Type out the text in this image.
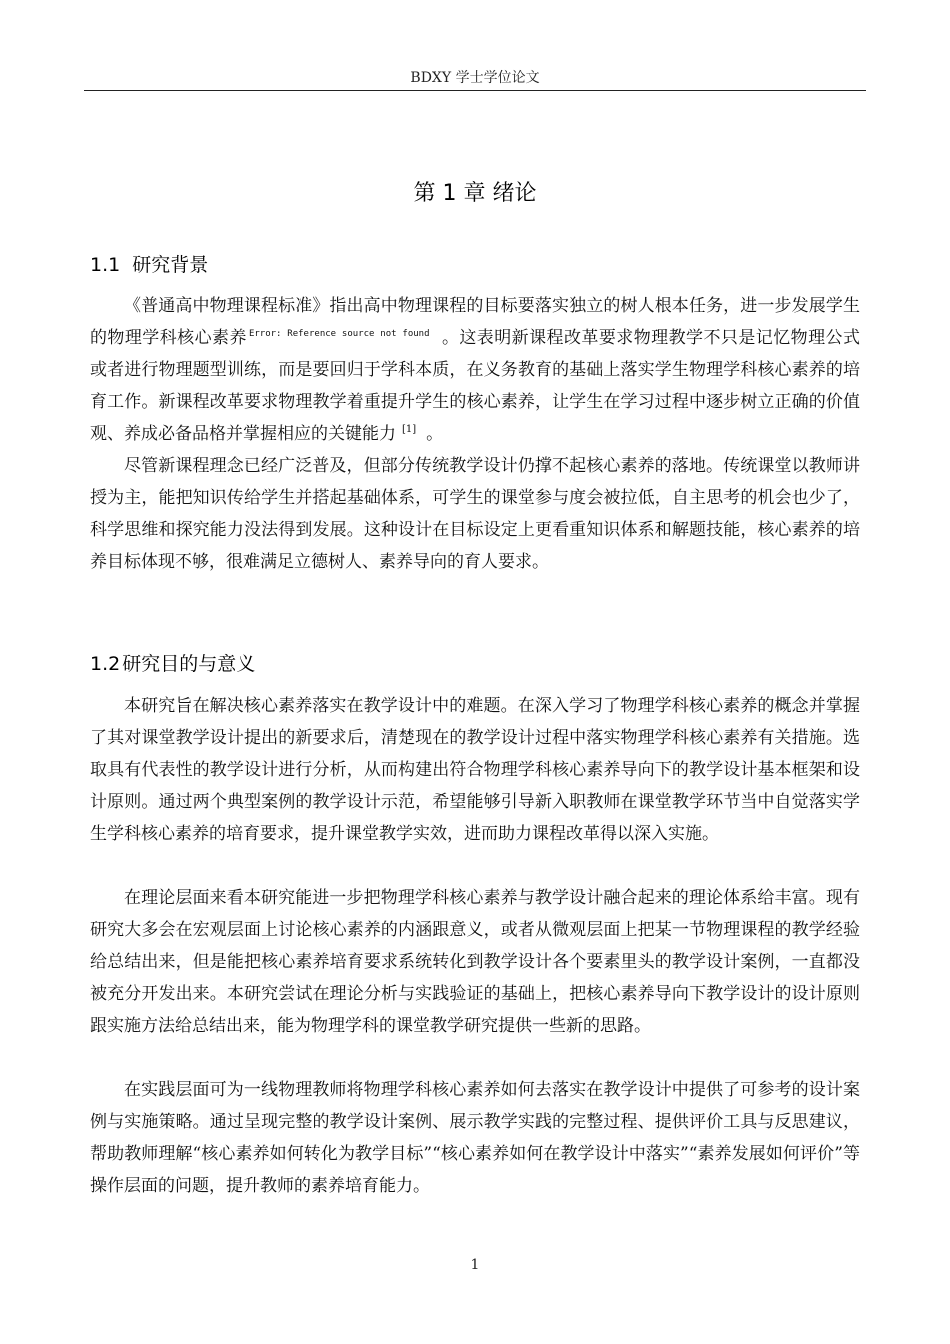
BDXY 学士学位论文
第 1 章 绪论
1.1 研究背景

《普通高中物理课程标准》指出高中物理课程的目标要落实独立的树人根本任务，进一步发展学生的物理学科核心素养 $^{Error: Reference source not found}$ 。这表明新课程改革要求物理教学不只是记忆物理公式或者进行物理题型训练，而是要回归于学科本质，在义务教育的基础上落实学生物理学科核心素养的培育工作。新课程改革要求物理教学着重提升学生的核心素养，让学生在学习过程中逐步树立正确的价值观、养成必备品格并掌握相应的关键能力 [1] 。

尽管新课程理念已经广泛普及，但部分传统教学设计仍撑不起核心素养的落地。传统课堂以教师讲授为主，能把知识传给学生并搭起基础体系，可学生的课堂参与度会被拉低，自主思考的机会也少了，科学思维和探究能力没法得到发展。这种设计在目标设定上更看重知识体系和解题技能，核心素养的培养目标体现不够，很难满足立德树人、素养导向的育人要求。

1.2 研究目的与意义

本研究旨在解决核心素养落实在教学设计中的难题。在深入学习了物理学科核心素养的概念并掌握了其对课堂教学设计提出的新要求后，清楚现在的教学设计过程中落实物理学科核心素养有关措施。选取具有代表性的教学设计进行分析，从而构建出符合物理学科核心素养导向下的教学设计基本框架和设计原则。通过两个典型案例的教学设计示范，希望能够引导新入职教师在课堂教学环节当中自觉落实学生学科核心素养的培育要求，提升课堂教学实效，进而助力课程改革得以深入实施。

在理论层面来看本研究能进一步把物理学科核心素养与教学设计融合起来的理论体系给丰富。现有研究大多会在宏观层面上讨论核心素养的内涵跟意义，或者从微观层面上把某一节物理课程的教学经验给总结出来，但是能把核心素养培育要求系统转化到教学设计各个要素里头的教学设计案例，一直都没被充分开发出来。本研究尝试在理论分析与实践验证的基础上，把核心素养导向下教学设计的设计原则跟实施方法给总结出来，能为物理学科的课堂教学研究提供一些新的思路。

在实践层面可为一线物理教师将物理学科核心素养如何去落实在教学设计中提供了可参考的设计案例与实施策略。通过呈现完整的教学设计案例、展示教学实践的完整过程、提供评价工具与反思建议，帮助教师理解“核心素养如何转化为教学目标”“核心素养如何在教学设计中落实”“素养发展如何评价”等操作层面的问题，提升教师的素养培育能力。

1
